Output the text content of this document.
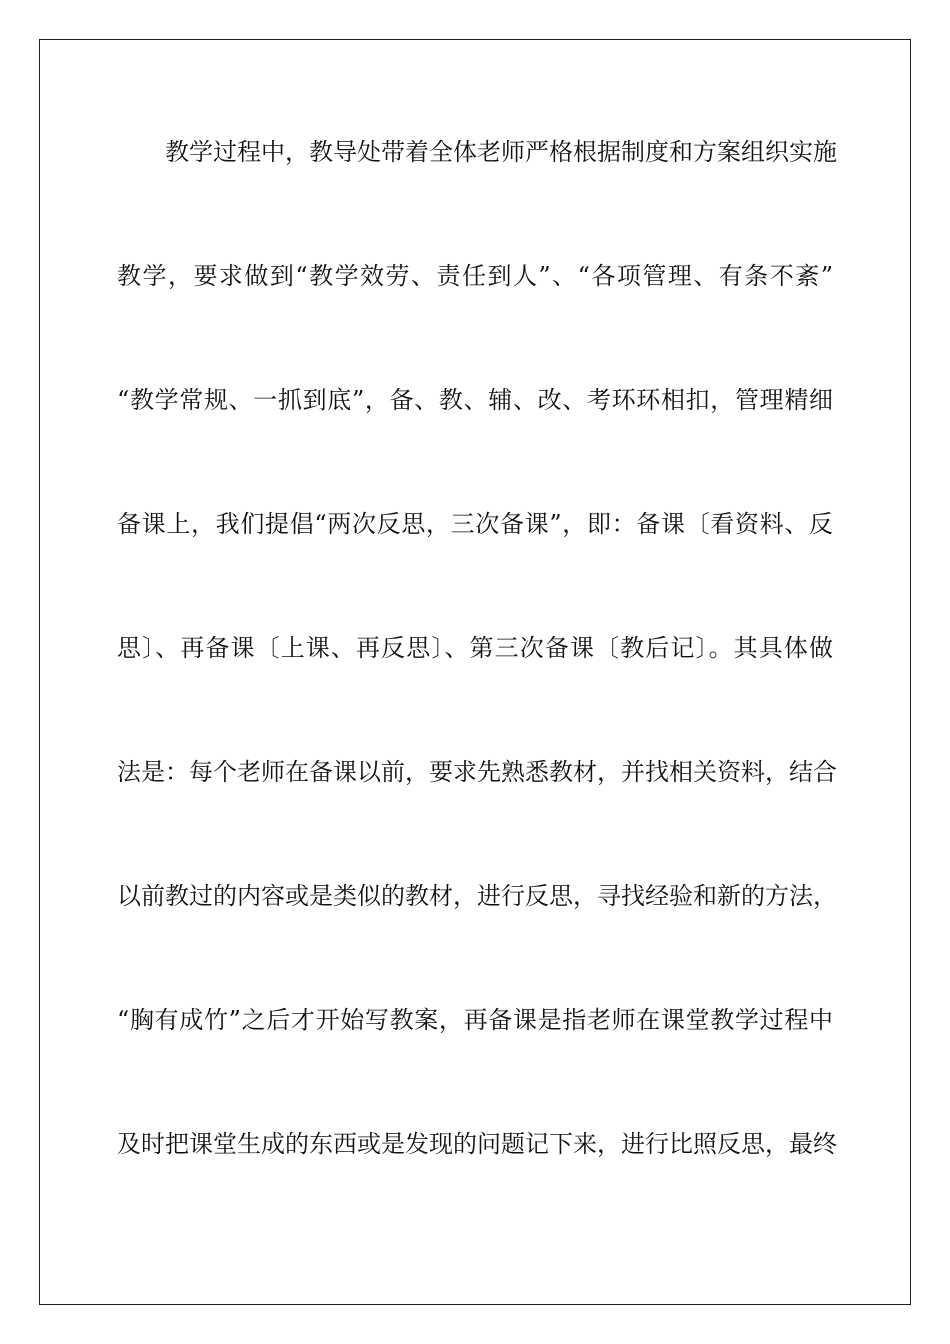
教学过程中，教导处带着全体老师严格根据制度和方案组织实施
教学，要求做到“教学效劳、责任到人”、“各项管理、有条不紊”
“教学常规、一抓到底”，备、教、辅、改、考环环相扣，管理精细
备课上，我们提倡“两次反思，三次备课”，即：备课〔看资料、反
思〕、再备课〔上课、再反思〕、第三次备课〔教后记〕。其具体做
法是：每个老师在备课以前，要求先熟悉教材，并找相关资料，结合
以前教过的内容或是类似的教材，进行反思，寻找经验和新的方法，
“胸有成竹”之后才开始写教案，再备课是指老师在课堂教学过程中
及时把课堂生成的东西或是发现的问题记下来，进行比照反思，最终
